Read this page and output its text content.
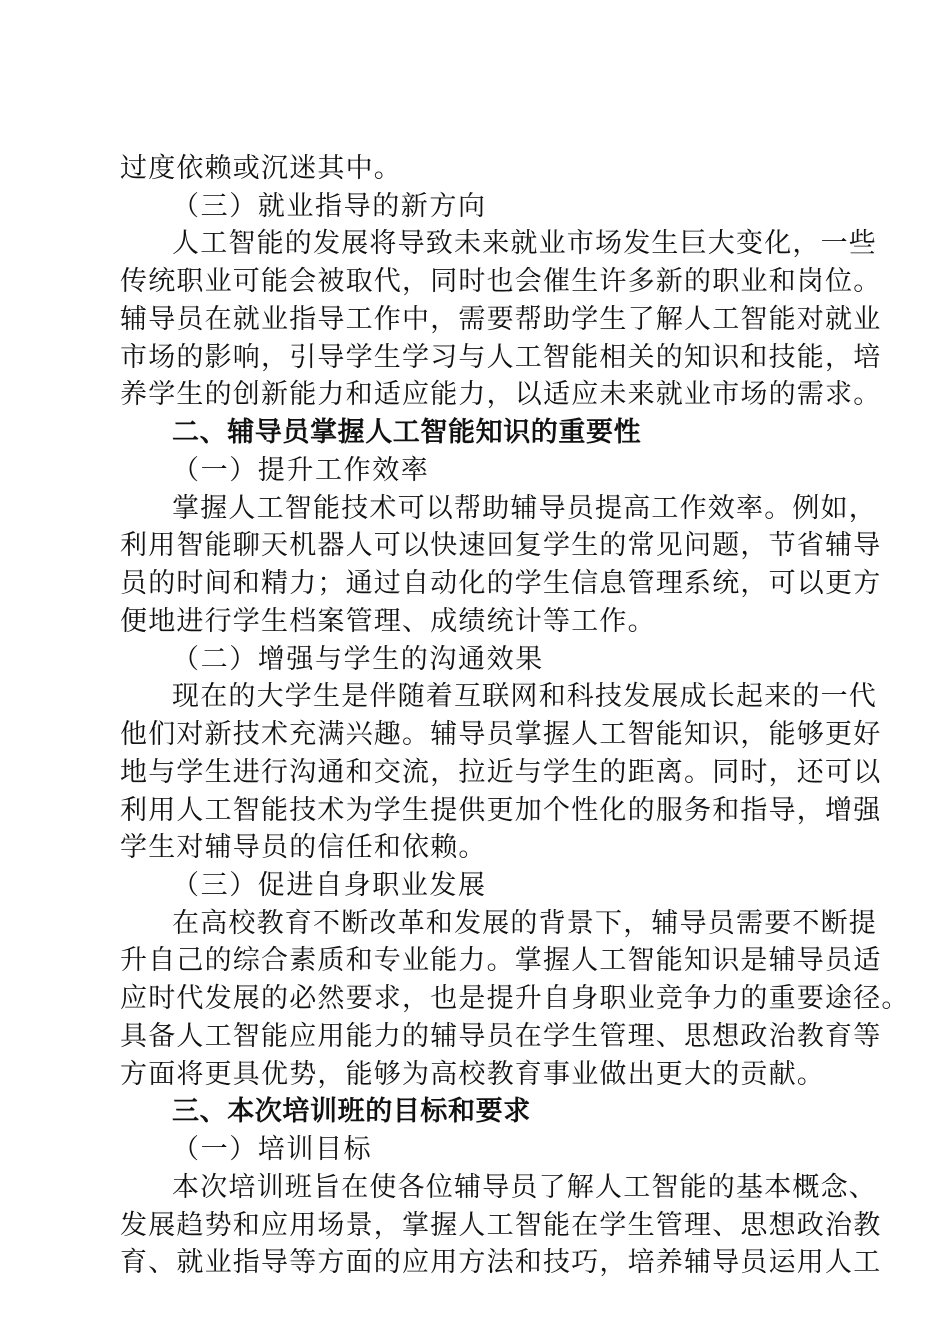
过度依赖或沉迷其中。
（三）就业指导的新方向
人工智能的发展将导致未来就业市场发生巨大变化，一些
传统职业可能会被取代，同时也会催生许多新的职业和岗位。
辅导员在就业指导工作中，需要帮助学生了解人工智能对就业
市场的影响，引导学生学习与人工智能相关的知识和技能，培
养学生的创新能力和适应能力，以适应未来就业市场的需求。
二、辅导员掌握人工智能知识的重要性
（一）提升工作效率
掌握人工智能技术可以帮助辅导员提高工作效率。例如，
利用智能聊天机器人可以快速回复学生的常见问题，节省辅导
员的时间和精力；通过自动化的学生信息管理系统，可以更方
便地进行学生档案管理、成绩统计等工作。
（二）增强与学生的沟通效果
现在的大学生是伴随着互联网和科技发展成长起来的一代
他们对新技术充满兴趣。辅导员掌握人工智能知识，能够更好
地与学生进行沟通和交流，拉近与学生的距离。同时，还可以
利用人工智能技术为学生提供更加个性化的服务和指导，增强
学生对辅导员的信任和依赖。
（三）促进自身职业发展
在高校教育不断改革和发展的背景下，辅导员需要不断提
升自己的综合素质和专业能力。掌握人工智能知识是辅导员适
应时代发展的必然要求，也是提升自身职业竞争力的重要途径。
具备人工智能应用能力的辅导员在学生管理、思想政治教育等
方面将更具优势，能够为高校教育事业做出更大的贡献。
三、本次培训班的目标和要求
（一）培训目标
本次培训班旨在使各位辅导员了解人工智能的基本概念、
发展趋势和应用场景，掌握人工智能在学生管理、思想政治教
育、就业指导等方面的应用方法和技巧，培养辅导员运用人工
